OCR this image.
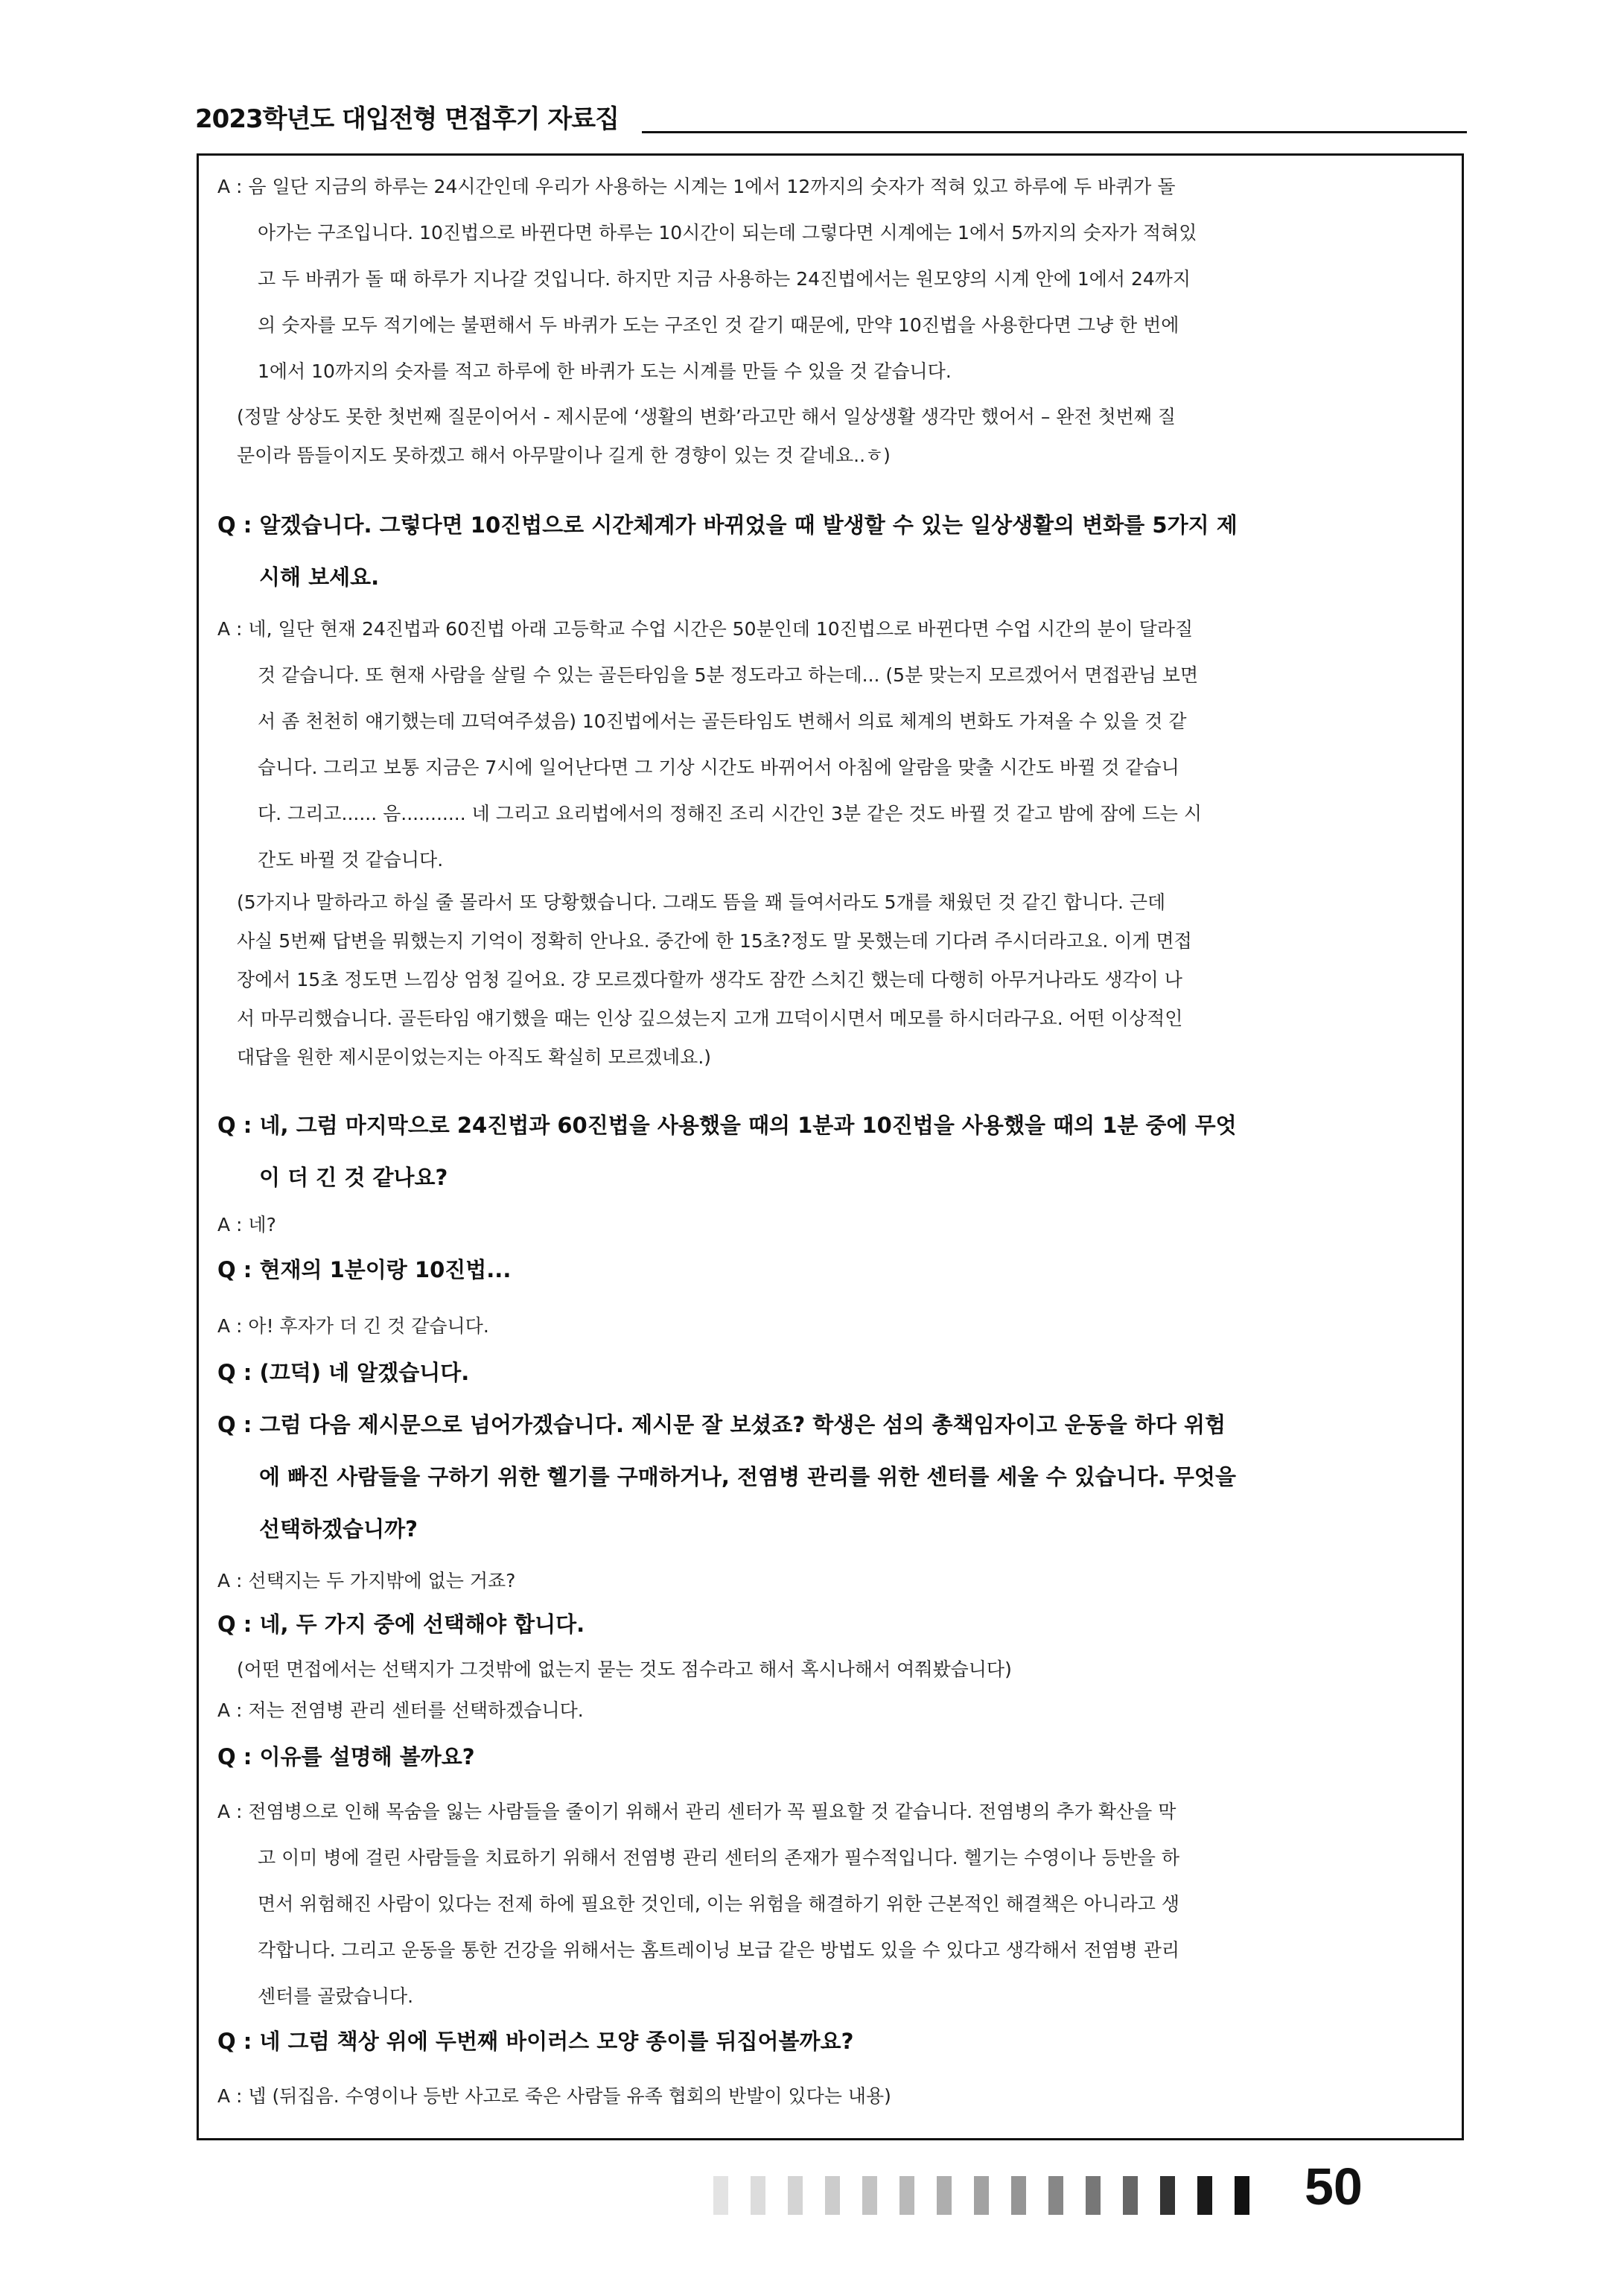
2023학년도 대입전형 면접후기 자료집
A : 음 일단 지금의 하루는 24시간인데 우리가 사용하는 시계는 1에서 12까지의 숫자가 적혀 있고 하루에 두 바퀴가 돌
아가는 구조입니다. 10진법으로 바뀐다면 하루는 10시간이 되는데 그렇다면 시계에는 1에서 5까지의 숫자가 적혀있
고 두 바퀴가 돌 때 하루가 지나갈 것입니다. 하지만 지금 사용하는 24진법에서는 원모양의 시계 안에 1에서 24까지
의 숫자를 모두 적기에는 불편해서 두 바퀴가 도는 구조인 것 같기 때문에, 만약 10진법을 사용한다면 그냥 한 번에
1에서 10까지의 숫자를 적고 하루에 한 바퀴가 도는 시계를 만들 수 있을 것 같습니다.
(정말 상상도 못한 첫번째 질문이어서 - 제시문에 ‘생활의 변화’라고만 해서 일상생활 생각만 했어서 – 완전 첫번째 질
문이라 뜸들이지도 못하겠고 해서 아무말이나 길게 한 경향이 있는 것 같네요..ㅎ)
Q : 알겠습니다. 그렇다면 10진법으로 시간체계가 바뀌었을 때 발생할 수 있는 일상생활의 변화를 5가지 제
시해 보세요.
A : 네, 일단 현재 24진법과 60진법 아래 고등학교 수업 시간은 50분인데 10진법으로 바뀐다면 수업 시간의 분이 달라질
것 같습니다. 또 현재 사람을 살릴 수 있는 골든타임을 5분 정도라고 하는데... (5분 맞는지 모르겠어서 면접관님 보면
서 좀 천천히 얘기했는데 끄덕여주셨음) 10진법에서는 골든타임도 변해서 의료 체계의 변화도 가져올 수 있을 것 같
습니다. 그리고 보통 지금은 7시에 일어난다면 그 기상 시간도 바뀌어서 아침에 알람을 맞출 시간도 바뀔 것 같습니
다. 그리고...... 음........... 네 그리고 요리법에서의 정해진 조리 시간인 3분 같은 것도 바뀔 것 같고 밤에 잠에 드는 시
간도 바뀔 것 같습니다.
(5가지나 말하라고 하실 줄 몰라서 또 당황했습니다. 그래도 뜸을 꽤 들여서라도 5개를 채웠던 것 같긴 합니다. 근데
사실 5번째 답변을 뭐했는지 기억이 정확히 안나요. 중간에 한 15초?정도 말 못했는데 기다려 주시더라고요. 이게 면접
장에서 15초 정도면 느낌상 엄청 길어요. 걍 모르겠다할까 생각도 잠깐 스치긴 했는데 다행히 아무거나라도 생각이 나
서 마무리했습니다. 골든타임 얘기했을 때는 인상 깊으셨는지 고개 끄덕이시면서 메모를 하시더라구요. 어떤 이상적인
대답을 원한 제시문이었는지는 아직도 확실히 모르겠네요.)
Q : 네, 그럼 마지막으로 24진법과 60진법을 사용했을 때의 1분과 10진법을 사용했을 때의 1분 중에 무엇
이 더 긴 것 같나요?
A : 네?
Q : 현재의 1분이랑 10진법...
A : 아! 후자가 더 긴 것 같습니다.
Q : (끄덕) 네 알겠습니다.
Q : 그럼 다음 제시문으로 넘어가겠습니다. 제시문 잘 보셨죠? 학생은 섬의 총책임자이고 운동을 하다 위험
에 빠진 사람들을 구하기 위한 헬기를 구매하거나, 전염병 관리를 위한 센터를 세울 수 있습니다. 무엇을
선택하겠습니까?
A : 선택지는 두 가지밖에 없는 거죠?
Q : 네, 두 가지 중에 선택해야 합니다.
(어떤 면접에서는 선택지가 그것밖에 없는지 묻는 것도 점수라고 해서 혹시나해서 여쭤봤습니다)
A : 저는 전염병 관리 센터를 선택하겠습니다.
Q : 이유를 설명해 볼까요?
A : 전염병으로 인해 목숨을 잃는 사람들을 줄이기 위해서 관리 센터가 꼭 필요할 것 같습니다. 전염병의 추가 확산을 막
고 이미 병에 걸린 사람들을 치료하기 위해서 전염병 관리 센터의 존재가 필수적입니다. 헬기는 수영이나 등반을 하
면서 위험해진 사람이 있다는 전제 하에 필요한 것인데, 이는 위험을 해결하기 위한 근본적인 해결책은 아니라고 생
각합니다. 그리고 운동을 통한 건강을 위해서는 홈트레이닝 보급 같은 방법도 있을 수 있다고 생각해서 전염병 관리
센터를 골랐습니다.
Q : 네 그럼 책상 위에 두번째 바이러스 모양 종이를 뒤집어볼까요?
A : 넵 (뒤집음. 수영이나 등반 사고로 죽은 사람들 유족 협회의 반발이 있다는 내용)
50
